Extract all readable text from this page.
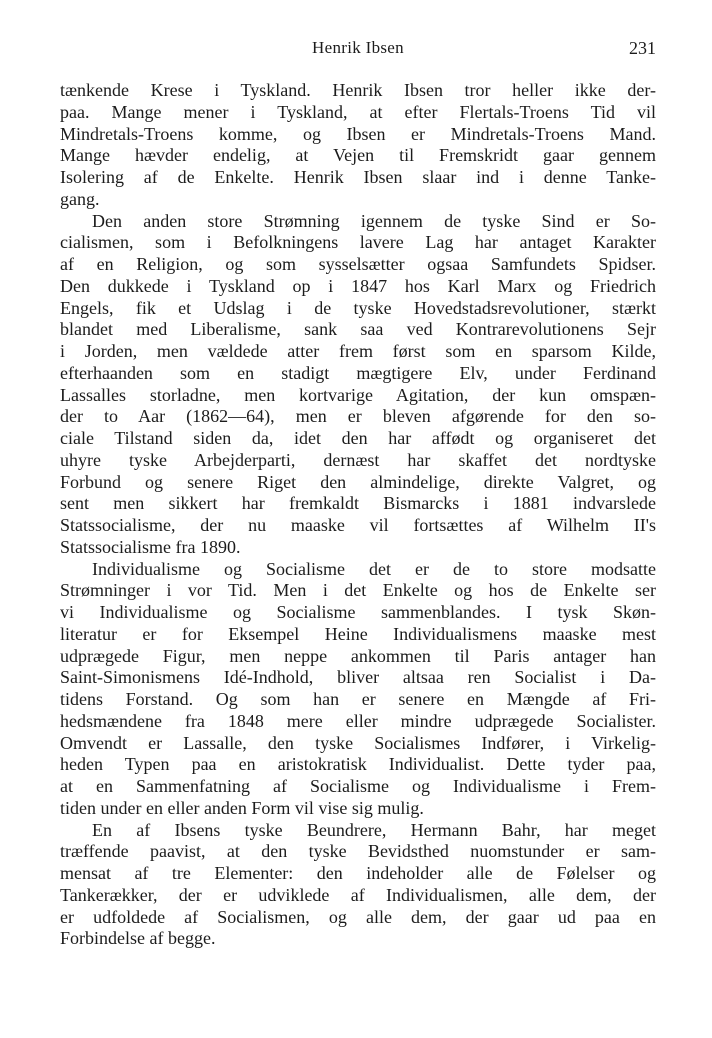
Henrik Ibsen	231
tænkende Krese i Tyskland. Henrik Ibsen tror heller ikke der-
paa. Mange mener i Tyskland, at efter Flertals-Troens Tid vil
Mindretals-Troens komme, og Ibsen er Mindretals-Troens Mand.
Mange hævder endelig, at Vejen til Fremskridt gaar gennem
Isolering af de Enkelte. Henrik Ibsen slaar ind i denne Tanke-
gang.
Den anden store Strømning igennem de tyske Sind er So-
cialismen, som i Befolkningens lavere Lag har antaget Karakter
af en Religion, og som sysselsætter ogsaa Samfundets Spidser.
Den dukkede i Tyskland op i 1847 hos Karl Marx og Friedrich
Engels, fik et Udslag i de tyske Hovedstadsrevolutioner, stærkt
blandet med Liberalisme, sank saa ved Kontrarevolutionens Sejr
i Jorden, men vældede atter frem først som en sparsom Kilde,
efterhaanden som en stadigt mægtigere Elv, under Ferdinand
Lassalles storladne, men kortvarige Agitation, der kun omspæn-
der to Aar (1862—64), men er bleven afgørende for den so-
ciale Tilstand siden da, idet den har affødt og organiseret det
uhyre tyske Arbejderparti, dernæst har skaffet det nordtyske
Forbund og senere Riget den almindelige, direkte Valgret, og
sent men sikkert har fremkaldt Bismarcks i 1881 indvarslede
Statssocialisme, der nu maaske vil fortsættes af Wilhelm II's
Statssocialisme fra 1890.
Individualisme og Socialisme det er de to store modsatte
Strømninger i vor Tid. Men i det Enkelte og hos de Enkelte ser
vi Individualisme og Socialisme sammenblandes. I tysk Skøn-
literatur er for Eksempel Heine Individualismens maaske mest
udprægede Figur, men neppe ankommen til Paris antager han
Saint-Simonismens Idé-Indhold, bliver altsaa ren Socialist i Da-
tidens Forstand. Og som han er senere en Mængde af Fri-
hedsmændene fra 1848 mere eller mindre udprægede Socialister.
Omvendt er Lassalle, den tyske Socialismes Indfører, i Virkelig-
heden Typen paa en aristokratisk Individualist. Dette tyder paa,
at en Sammenfatning af Socialisme og Individualisme i Frem-
tiden under en eller anden Form vil vise sig mulig.
En af Ibsens tyske Beundrere, Hermann Bahr, har meget
træffende paavist, at den tyske Bevidsthed nuomstunder er sam-
mensat af tre Elementer: den indeholder alle de Følelser og
Tankerækker, der er udviklede af Individualismen, alle dem, der
er udfoldede af Socialismen, og alle dem, der gaar ud paa en
Forbindelse af begge.
